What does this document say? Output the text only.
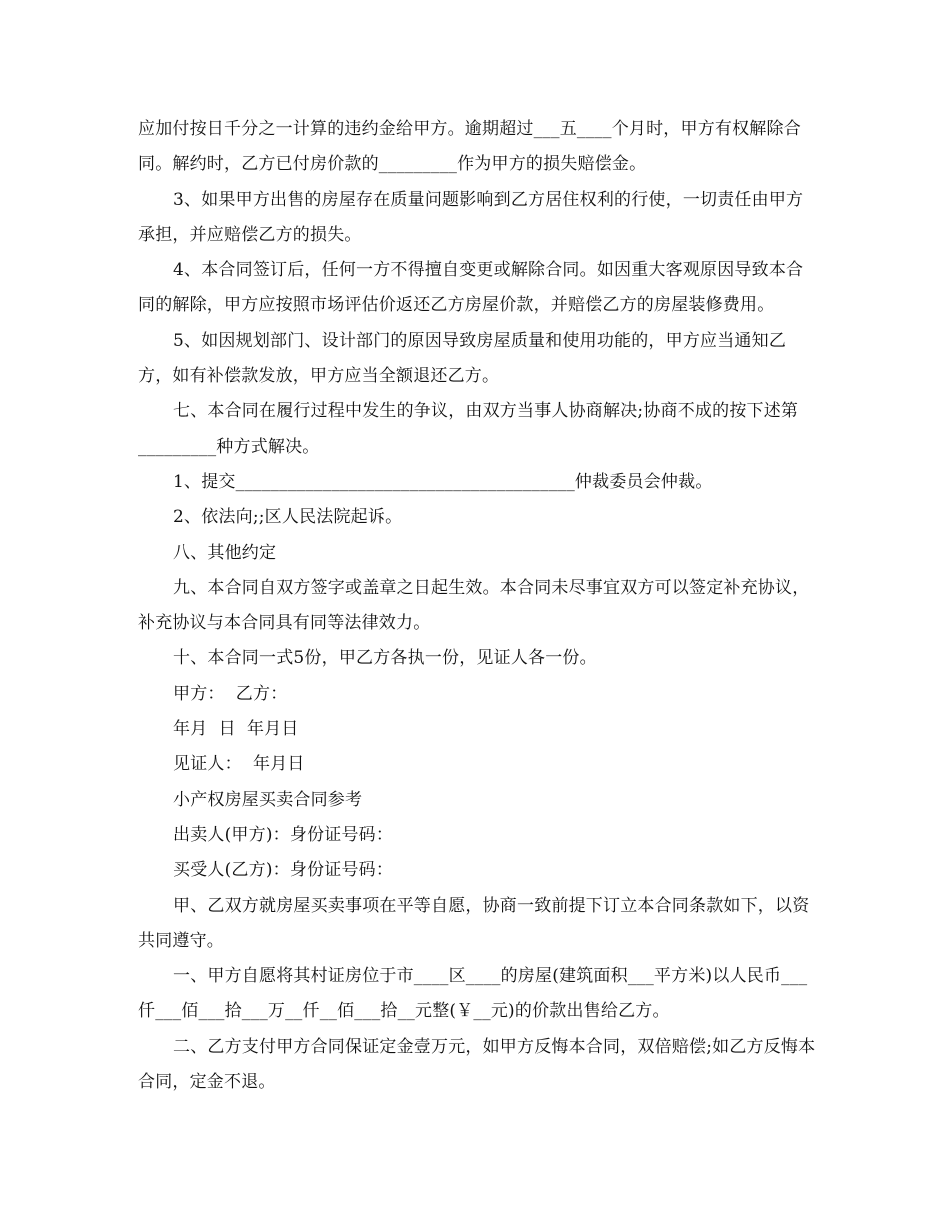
应加付按日千分之一计算的违约金给甲方。逾期超过___五____个月时，甲方有权解除合同。解约时，乙方已付房价款的_________作为甲方的损失赔偿金。

3、如果甲方出售的房屋存在质量问题影响到乙方居住权利的行使，一切责任由甲方承担，并应赔偿乙方的损失。

4、本合同签订后，任何一方不得擅自变更或解除合同。如因重大客观原因导致本合同的解除，甲方应按照市场评估价返还乙方房屋价款，并赔偿乙方的房屋装修费用。

5、如因规划部门、设计部门的原因导致房屋质量和使用功能的，甲方应当通知乙方，如有补偿款发放，甲方应当全额退还乙方。

七、本合同在履行过程中发生的争议，由双方当事人协商解决;协商不成的按下述第_________种方式解决。

1、提交_______________________________________仲裁委员会仲裁。

2、依法向;;区人民法院起诉。

八、其他约定

九、本合同自双方签字或盖章之日起生效。本合同未尽事宜双方可以签定补充协议，补充协议与本合同具有同等法律效力。

十、本合同一式5份，甲乙方各执一份，见证人各一份。

甲方：  乙方：

年月  日  年月日

见证人：  年月日

小产权房屋买卖合同参考

出卖人(甲方)：身份证号码：

买受人(乙方)：身份证号码：

甲、乙双方就房屋买卖事项在平等自愿，协商一致前提下订立本合同条款如下，以资共同遵守。

一、甲方自愿将其村证房位于市____区____的房屋(建筑面积___平方米)以人民币___仟___佰___拾___万__仟__佰___拾__元整(￥__元)的价款出售给乙方。

二、乙方支付甲方合同保证定金壹万元，如甲方反悔本合同，双倍赔偿;如乙方反悔本合同，定金不退。
